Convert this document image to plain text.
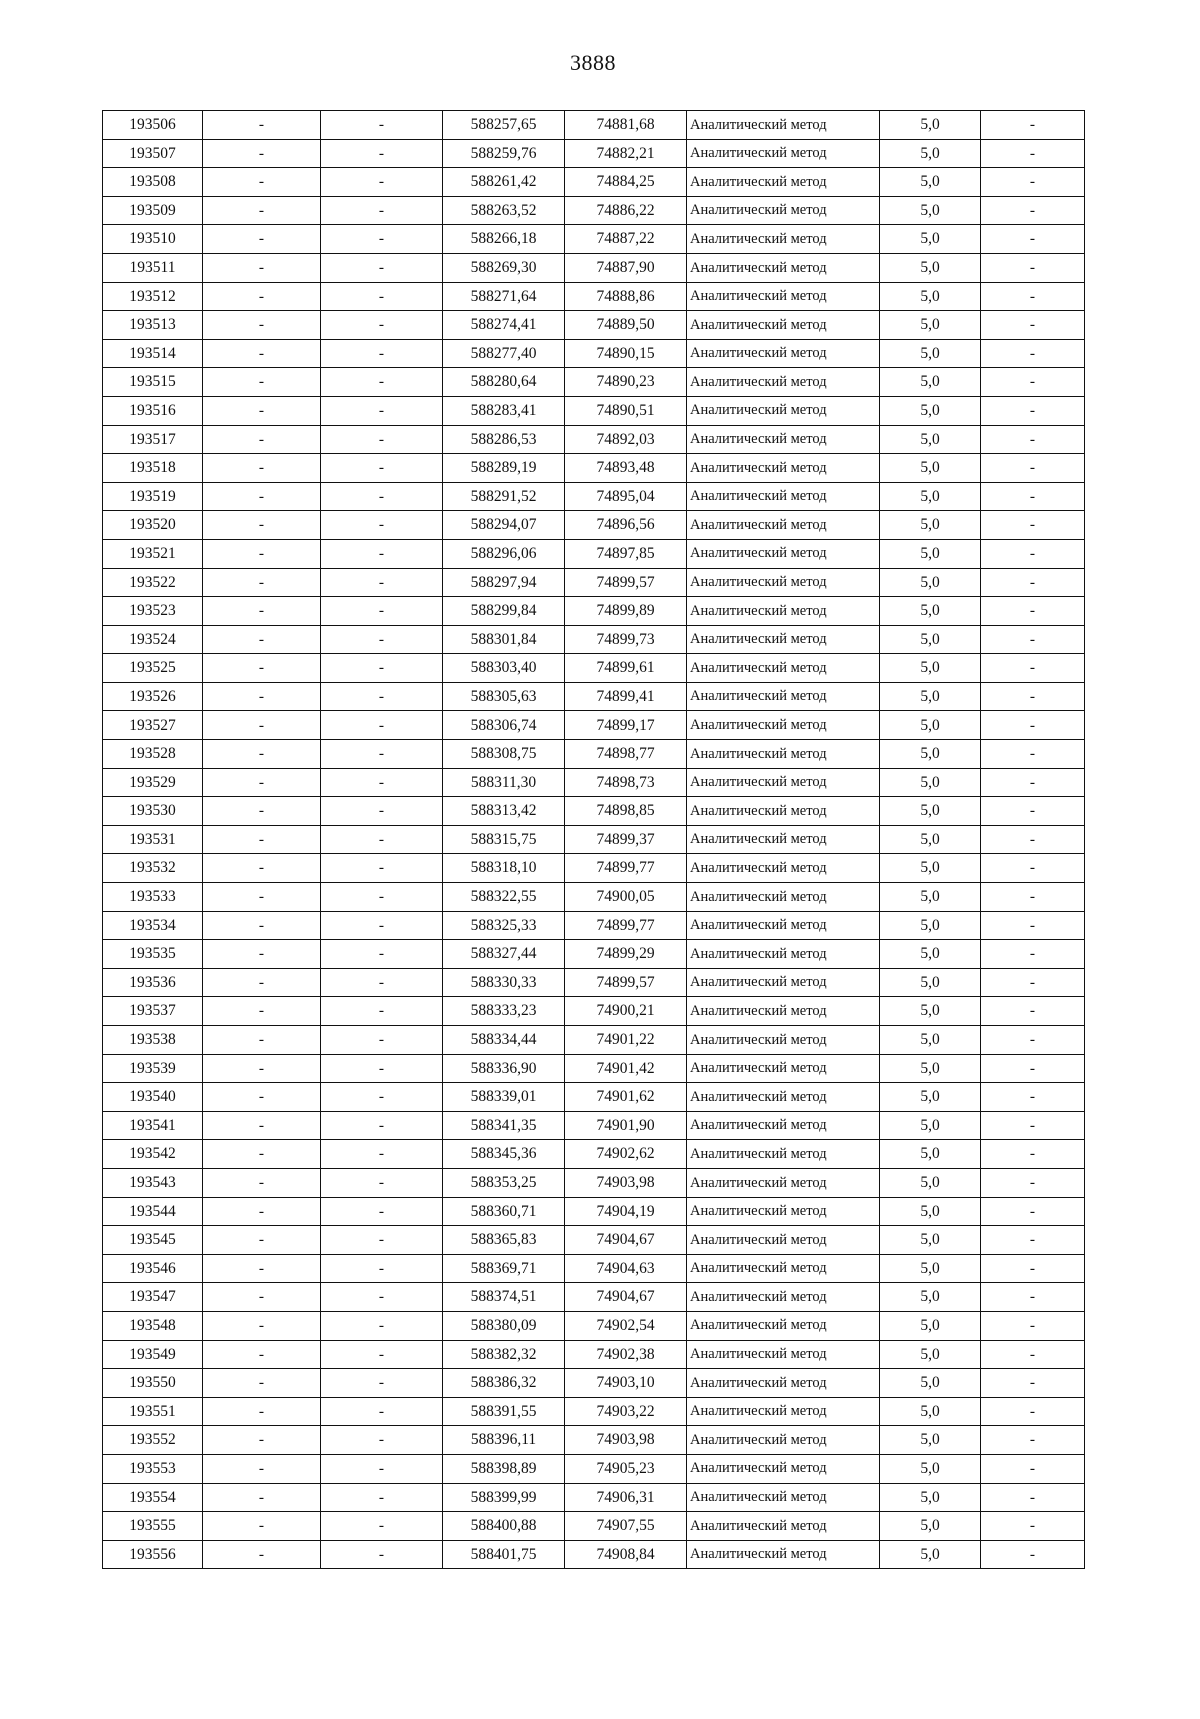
3888
193506	-	-	588257,65	74881,68	Аналитический метод	5,0	-
193507	-	-	588259,76	74882,21	Аналитический метод	5,0	-
193508	-	-	588261,42	74884,25	Аналитический метод	5,0	-
193509	-	-	588263,52	74886,22	Аналитический метод	5,0	-
193510	-	-	588266,18	74887,22	Аналитический метод	5,0	-
193511	-	-	588269,30	74887,90	Аналитический метод	5,0	-
193512	-	-	588271,64	74888,86	Аналитический метод	5,0	-
193513	-	-	588274,41	74889,50	Аналитический метод	5,0	-
193514	-	-	588277,40	74890,15	Аналитический метод	5,0	-
193515	-	-	588280,64	74890,23	Аналитический метод	5,0	-
193516	-	-	588283,41	74890,51	Аналитический метод	5,0	-
193517	-	-	588286,53	74892,03	Аналитический метод	5,0	-
193518	-	-	588289,19	74893,48	Аналитический метод	5,0	-
193519	-	-	588291,52	74895,04	Аналитический метод	5,0	-
193520	-	-	588294,07	74896,56	Аналитический метод	5,0	-
193521	-	-	588296,06	74897,85	Аналитический метод	5,0	-
193522	-	-	588297,94	74899,57	Аналитический метод	5,0	-
193523	-	-	588299,84	74899,89	Аналитический метод	5,0	-
193524	-	-	588301,84	74899,73	Аналитический метод	5,0	-
193525	-	-	588303,40	74899,61	Аналитический метод	5,0	-
193526	-	-	588305,63	74899,41	Аналитический метод	5,0	-
193527	-	-	588306,74	74899,17	Аналитический метод	5,0	-
193528	-	-	588308,75	74898,77	Аналитический метод	5,0	-
193529	-	-	588311,30	74898,73	Аналитический метод	5,0	-
193530	-	-	588313,42	74898,85	Аналитический метод	5,0	-
193531	-	-	588315,75	74899,37	Аналитический метод	5,0	-
193532	-	-	588318,10	74899,77	Аналитический метод	5,0	-
193533	-	-	588322,55	74900,05	Аналитический метод	5,0	-
193534	-	-	588325,33	74899,77	Аналитический метод	5,0	-
193535	-	-	588327,44	74899,29	Аналитический метод	5,0	-
193536	-	-	588330,33	74899,57	Аналитический метод	5,0	-
193537	-	-	588333,23	74900,21	Аналитический метод	5,0	-
193538	-	-	588334,44	74901,22	Аналитический метод	5,0	-
193539	-	-	588336,90	74901,42	Аналитический метод	5,0	-
193540	-	-	588339,01	74901,62	Аналитический метод	5,0	-
193541	-	-	588341,35	74901,90	Аналитический метод	5,0	-
193542	-	-	588345,36	74902,62	Аналитический метод	5,0	-
193543	-	-	588353,25	74903,98	Аналитический метод	5,0	-
193544	-	-	588360,71	74904,19	Аналитический метод	5,0	-
193545	-	-	588365,83	74904,67	Аналитический метод	5,0	-
193546	-	-	588369,71	74904,63	Аналитический метод	5,0	-
193547	-	-	588374,51	74904,67	Аналитический метод	5,0	-
193548	-	-	588380,09	74902,54	Аналитический метод	5,0	-
193549	-	-	588382,32	74902,38	Аналитический метод	5,0	-
193550	-	-	588386,32	74903,10	Аналитический метод	5,0	-
193551	-	-	588391,55	74903,22	Аналитический метод	5,0	-
193552	-	-	588396,11	74903,98	Аналитический метод	5,0	-
193553	-	-	588398,89	74905,23	Аналитический метод	5,0	-
193554	-	-	588399,99	74906,31	Аналитический метод	5,0	-
193555	-	-	588400,88	74907,55	Аналитический метод	5,0	-
193556	-	-	588401,75	74908,84	Аналитический метод	5,0	-
